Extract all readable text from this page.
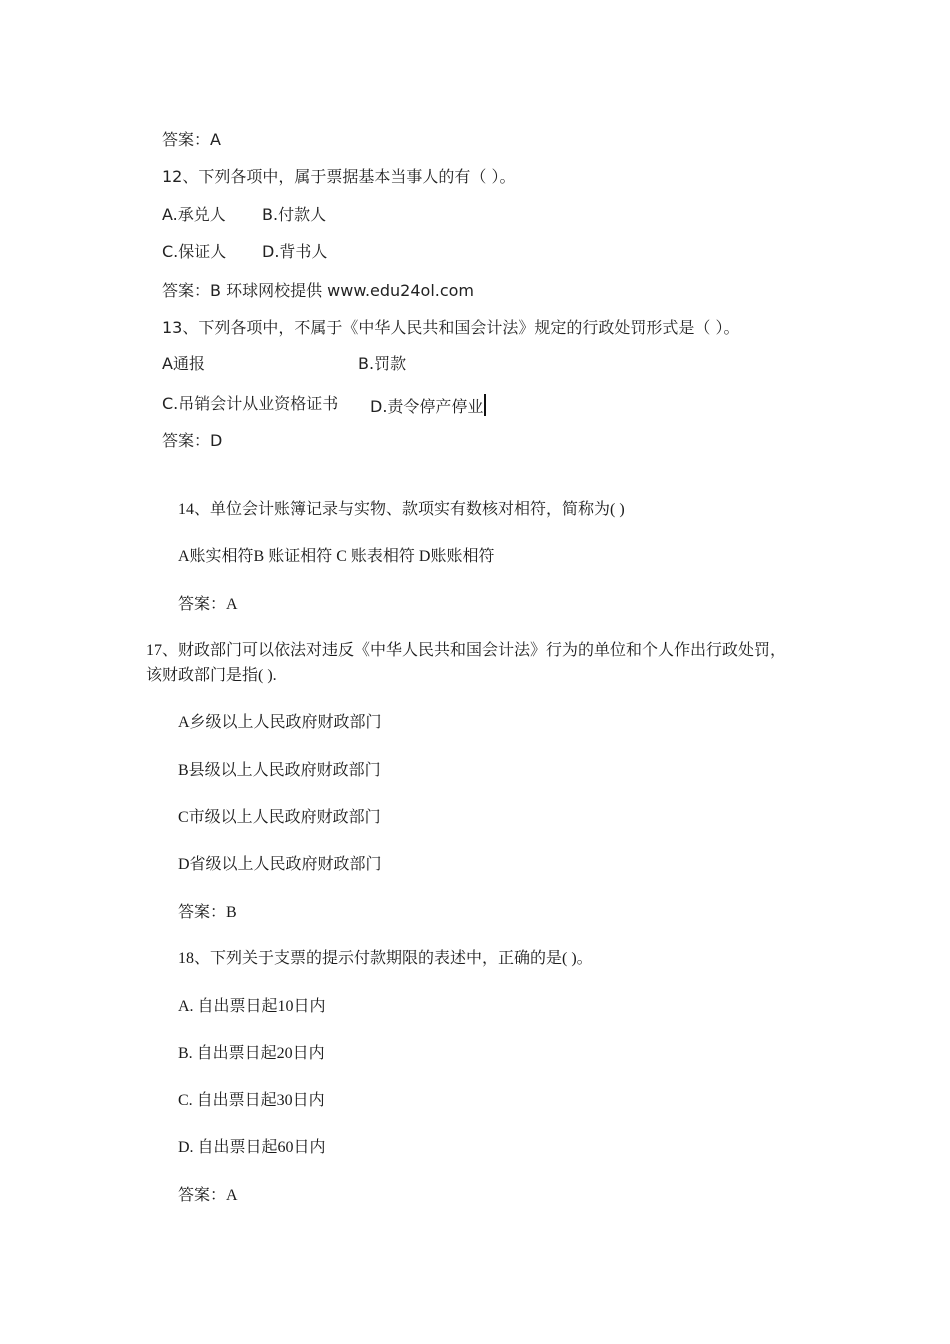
答案：A
12、下列各项中，属于票据基本当事人的有（ ）。
A.承兑人 B.付款人
C.保证人 D.背书人
答案：B 环球网校提供 www.edu24ol.com
13、下列各项中，不属于《中华人民共和国会计法》规定的行政处罚形式是（ ）。
A通报	B.罚款
C.吊销会计从业资格证书 D.责令停产停业
答案：D
14、单位会计账簿记录与实物、款项实有数核对相符，简称为( )
A账实相符B 账证相符 C 账表相符 D账账相符
答案：A
17、财政部门可以依法对违反《中华人民共和国会计法》行为的单位和个人作出行政处罚，
该财政部门是指( ).
A乡级以上人民政府财政部门
B县级以上人民政府财政部门
C市级以上人民政府财政部门
D省级以上人民政府财政部门
答案：B
18、下列关于支票的提示付款期限的表述中，正确的是( )。
A. 自出票日起10日内
B. 自出票日起20日内
C. 自出票日起30日内
D. 自出票日起60日内
答案：A
